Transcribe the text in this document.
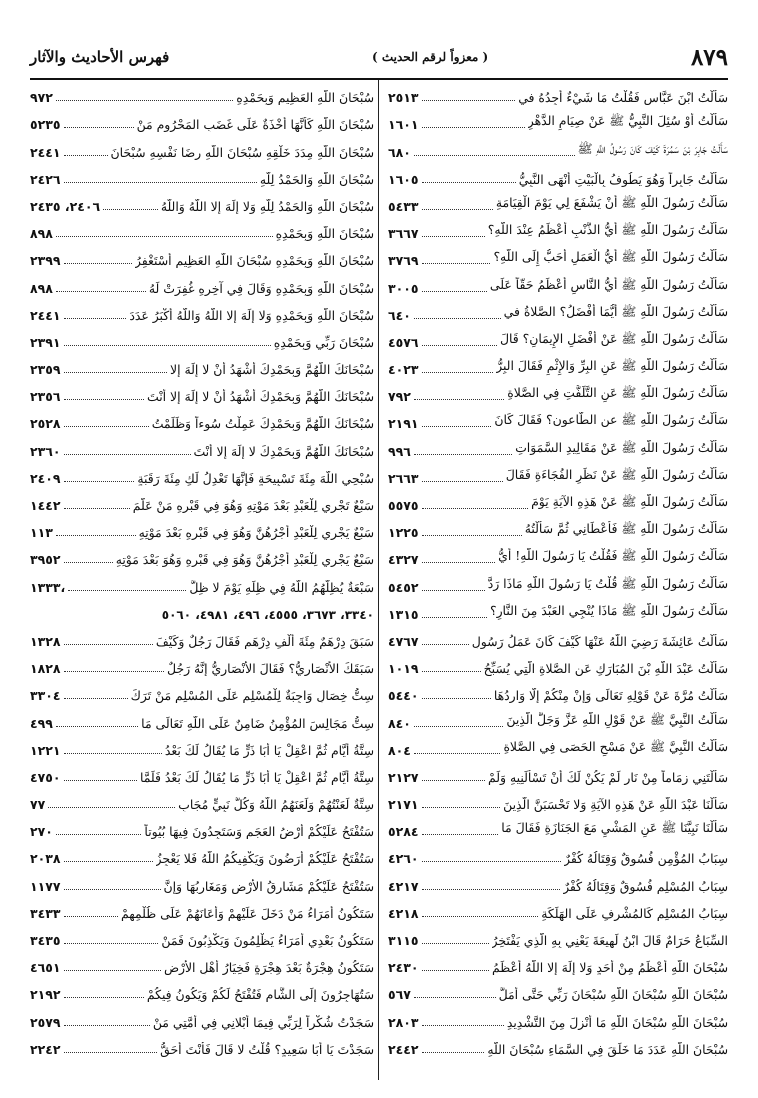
٨٧٩
( معزواً لرقم الحديث )
فهرس الأحاديث والآثار
سَأَلْتُ ابْنَ عَبَّاسٍ فَقُلْتُ مَا شَيْءٌ أَجِدُهُ في
٢٥١٣
سَأَلْتُ أَوْ سُئِلَ النَّبِيُّ ﷺ عَنْ صِيَامِ الدَّهْرِ
١٦٠١
سَأَلْتُ جَابِرَ بْنَ سَمُرَةَ كَيْفَ كَانَ رَسُولُ اللَّهِ ﷺ
٦٨٠
سَأَلْتُ جَابِراً وَهُوَ يَطُوفُ بِالْبَيْتِ أَنْهَى النَّبِيُّ
١٦٠٥
سَأَلْتُ رَسُولَ اللَّهِ ﷺ أَنْ يَشْفَعَ لِي يَوْمَ الْقِيَامَةِ
٥٤٣٣
سَأَلْتُ رَسُولَ اللَّهِ ﷺ أَيُّ الذَّنْبِ أَعْظَمُ عِنْدَ اللَّهِ؟
٣٦٦٧
سَأَلْتُ رَسُولَ اللَّهِ ﷺ أَيُّ الْعَمَلِ أَحَبُّ إِلَى اللَّهِ؟
٣٧٦٩
سَأَلْتُ رَسُولَ اللَّهِ ﷺ أَيُّ النَّاسِ أَعْظَمُ حَقّاً عَلَى
٣٠٠٥
سَأَلْتُ رَسُولَ اللَّهِ ﷺ أَيُّمَا أَفْضَلُ؟ الصَّلاةُ في
٦٤٠
سَأَلْتُ رَسُولَ اللَّهِ ﷺ عَنْ أَفْضَلِ الإِيمَانِ؟ قَالَ
٤٥٧٦
سَأَلْتُ رَسُولَ اللَّهِ ﷺ عَنِ البِرِّ وَالإِثْمِ فَقَالَ البِرُّ
٤٠٢٣
سَأَلْتُ رَسُولَ اللَّهِ ﷺ عَنِ التَّلَفُّتِ فِي الصَّلاةِ
٧٩٢
سَأَلْتُ رَسُولَ اللَّهِ ﷺ عن الطَّاعون؟ فَقَالَ كَانَ
٢١٩١
سَأَلْتُ رَسُولَ اللَّهِ ﷺ عَنْ مَقَالِيدِ السَّمَوَاتِ
٩٩٦
سَأَلْتُ رَسُولَ اللَّهِ ﷺ عَنْ نَظَرِ الفُجَاءَةِ فَقَالَ
٢٦٦٣
سَأَلْتُ رَسُولَ اللَّهِ ﷺ عَنْ هَذِهِ الآيَةِ يَوْمَ
٥٥٧٥
سَأَلْتُ رَسُولَ اللَّهِ ﷺ فَأَعْطَانِي ثُمَّ سَأَلْتُهُ
١٢٢٥
سَأَلْتُ رَسُولَ اللَّهِ ﷺ فَقُلْتُ يَا رَسُولَ اللَّهِ! أَيُّ
٤٣٢٧
سَأَلْتُ رَسُولَ اللَّهِ ﷺ قُلْتُ يَا رَسُولَ اللَّهِ مَاذَا رَدَّ
٥٤٥٢
سَأَلْتُ رَسُولَ اللَّهِ ﷺ مَاذَا يُنْجِي العَبْدَ مِنَ النَّارِ؟
١٣١٥
سَأَلْتُ عَائِشَةَ رَضِيَ اللَّهُ عَنْهَا كَيْفَ كَانَ عَمَلُ رَسُولِ
٤٧٦٧
سَأَلْتُ عَبْدَ اللَّهِ بْنَ المُبَارَكِ عَنِ الصَّلاةِ الَّتِي يُسَبِّحُ
١٠١٩
سَأَلْتُ مُرَّةَ عَنْ قَوْلِهِ تَعَالَى وَإِنْ مِنْكُمْ إِلَّا وَارِدُهَا
٥٤٤٠
سَأَلْتُ النَّبِيَّ ﷺ عَنْ قَوْلِ اللَّهِ عَزَّ وَجَلَّ الَّذِينَ
٨٤٠
سَأَلْتُ النَّبِيَّ ﷺ عَنْ مَسْحِ الحَصَى فِي الصَّلاةِ
٨٠٤
سَأَلْتَنِي زِمَاماً مِنْ نَارٍ لَمْ يَكُنْ لَكَ أَنْ تَسْأَلَنِيهِ وَلَمْ
٢١٢٧
سَأَلْنَا عَبْدَ اللَّهِ عَنْ هَذِهِ الآيَةِ وَلا تَحْسَبَنَّ الَّذِينَ
٢١٧١
سَأَلْنَا نَبِيَّنَا ﷺ عَنِ المَشْيِ مَعَ الجَنَازَةِ فَقَالَ مَا
٥٢٨٤
سِبَابُ المُؤْمِنِ فُسُوقٌ وَقِتَالُهُ كُفْرٌ
٤٢٦٠
سِبَابُ المُسْلِمِ فُسُوقٌ وَقِتَالُهُ كُفْرٌ
٤٢١٧
سِبَابُ المُسْلِمِ كَالمُشْرِفِ عَلَى الهَلَكَةِ
٤٢١٨
السِّبَاعُ حَرَامٌ قَالَ ابْنُ لَهِيعَةَ يَعْنِي بِهِ الَّذِي يَفْتَخِرُ
٣١١٥
سُبْحَانَ اللَّهِ أَعْظَمُ مِنْ أَحَدٍ وَلا إِلَهَ إِلا اللَّهُ أَعْظَمُ
٢٤٣٠
سُبْحَانَ اللَّهِ سُبْحَانَ اللَّهِ سُبْحَانَ رَبِّي حَتَّى أَمَلَّ
٥٦٧
سُبْحَانَ اللَّهِ سُبْحَانَ اللَّهِ مَا أُنْزِلَ مِنَ التَّشْدِيدِ
٢٨٠٣
سُبْحَانَ اللَّهِ عَدَدَ مَا خَلَقَ فِي السَّمَاءِ سُبْحَانَ اللَّهِ
٢٤٤٢
سُبْحَانَ اللَّهِ العَظِيمِ وَبِحَمْدِهِ
٩٧٢
سُبْحَانَ اللَّهِ كَأَنَّهَا أَخْذَةٌ عَلَى غَضَبِ المَحْرُومِ مَنْ
٥٢٣٥
سُبْحَانَ اللَّهِ مِدَدَ خَلْقِهِ سُبْحَانَ اللَّهِ رِضَا نَفْسِهِ سُبْحَانَ
٢٤٤١
سُبْحَانَ اللَّهِ وَالحَمْدُ لِلَّهِ
٢٤٢٦
سُبْحَانَ اللَّهِ وَالحَمْدُ لِلَّهِ وَلا إِلَهَ إِلا اللَّهُ وَاللَّهُ
٢٤٠٦، ٢٤٣٥
سُبْحَانَ اللَّهِ وَبِحَمْدِهِ
٨٩٨
سُبْحَانَ اللَّهِ وَبِحَمْدِهِ سُبْحَانَ اللَّهِ العَظِيمِ أَسْتَغْفِرُ
٢٣٩٩
سُبْحَانَ اللَّهِ وَبِحَمْدِهِ وَقَالَ فِي آخِرِهِ غُفِرَتْ لَهُ
٨٩٨
سُبْحَانَ اللَّهِ وَبِحَمْدِهِ وَلا إِلَهَ إِلا اللَّهُ وَاللَّهُ أَكْبَرُ عَدَدَ
٢٤٤١
سُبْحَانَ رَبِّي وَبِحَمْدِهِ
٢٣٩١
سُبْحَانَكَ اللَّهُمَّ وَبِحَمْدِكَ أَشْهَدُ أَنْ لا إِلَهَ إِلا
٢٣٥٩
سُبْحَانَكَ اللَّهُمَّ وَبِحَمْدِكَ أَشْهَدُ أَنْ لا إِلَهَ إِلا أَنْتَ
٢٣٥٦
سُبْحَانَكَ اللَّهُمَّ وَبِحَمْدِكَ عَمِلْتُ سُوءاً وَظَلَمْتُ
٢٥٢٨
سُبْحَانَكَ اللَّهُمَّ وَبِحَمْدِكَ لا إِلَهَ إِلا أَنْتَ
٢٣٦٠
سُبْحِي اللَّهَ مِئَةَ تَسْبِيحَةٍ فَإِنَّهَا تَعْدِلُ لَكِ مِئَةَ رَقَبَةٍ
٢٤٠٩
سَبْعٌ تَجْرِي لِلْعَبْدِ بَعْدَ مَوْتِهِ وَهُوَ فِي قَبْرِهِ مَنْ عَلَّمَ
١٤٤٢
سَبْعٌ يَجْرِي لِلْعَبْدِ أَجْرُهُنَّ وَهُوَ فِي قَبْرِهِ بَعْدَ مَوْتِهِ
١١٣
سَبْعٌ يَجْرِي لِلْعَبْدِ أَجْرُهُنَّ وَهُوَ فِي قَبْرِهِ وَهُوَ بَعْدَ مَوْتِهِ
٣٩٥٢
سَبْعَةٌ يُظِلُّهُمُ اللَّهُ فِي ظِلِّهِ يَوْمَ لا ظِلَّ
،١٣٣٣
٣٣٤٠، ٣٦٧٣، ٤٥٥٥، ٤٩٦، ٤٩٨١، ٥٠٦٠
سَبَقَ دِرْهَمٌ مِئَةَ أَلْفِ دِرْهَمٍ فَقَالَ رَجُلٌ وَكَيْفَ
١٣٢٨
سَبَقَكَ الأَنْصَارِيُّ؟ فَقَالَ الأَنْصَارِيُّ إِنَّهُ رَجُلٌ
١٨٢٨
سِتُّ خِصَالٍ وَاجِبَةٌ لِلْمُسْلِمِ عَلَى المُسْلِمِ مَنْ تَرَكَ
٣٣٠٤
سِتُّ مَجَالِسَ المُؤْمِنُ ضَامِنٌ عَلَى اللَّهِ تَعَالَى مَا
٤٩٩
سِتَّةُ أَيَّامٍ ثُمَّ اعْقِلْ يَا أَبَا ذَرٍّ مَا يُقَالُ لَكَ بَعْدُ
١٢٢١
سِتَّةُ أَيَّامٍ ثُمَّ اعْقِلْ يَا أَبَا ذَرٍّ مَا يُقَالُ لَكَ بَعْدُ فَلَمَّا
٤٧٥٠
سِتَّةٌ لَعَنْتُهُمْ وَلَعَنَهُمُ اللَّهُ وَكُلُّ نَبِيٍّ مُجَابٍ
٧٧
سَتُفْتَحُ عَلَيْكُمْ أَرْضُ العَجَمِ وَسَتَجِدُونَ فِيهَا بُيُوتاً
٢٧٠
سَتُفْتَحُ عَلَيْكُمْ أَرَضُونَ وَيَكْفِيكُمُ اللَّهُ فَلا يَعْجِزُ
٢٠٣٨
سَتُفْتَحُ عَلَيْكُمْ مَشَارِقُ الأَرْضِ وَمَغَارِبُهَا وَإِنَّ
١١٧٧
سَتَكُونُ أُمَرَاءُ مَنْ دَخَلَ عَلَيْهِمْ وَأَعَانَهُمْ عَلَى ظُلْمِهِمْ
٣٤٣٣
سَتَكُونُ بَعْدِي أُمَرَاءُ يَظْلِمُونَ وَيَكْذِبُونَ فَمَنْ
٣٤٣٥
سَتَكُونُ هِجْرَةٌ بَعْدَ هِجْرَةٍ فَخِيَارُ أَهْلِ الأَرْضِ
٤٦٥١
سَتُهَاجِرُونَ إِلَى الشَّامِ فَتُفْتَحُ لَكُمْ وَيَكُونُ فِيكُمْ
٢١٩٢
سَجَدْتُ شُكْراً لِرَبِّي فِيمَا أَبْلانِي فِي أُمَّتِي مَنْ
٢٥٧٩
سَجَدْتَ يَا أَبَا سَعِيدٍ؟ قُلْتُ لا قَالَ فَأَنْتَ أَحَقُّ
٢٢٤٢
